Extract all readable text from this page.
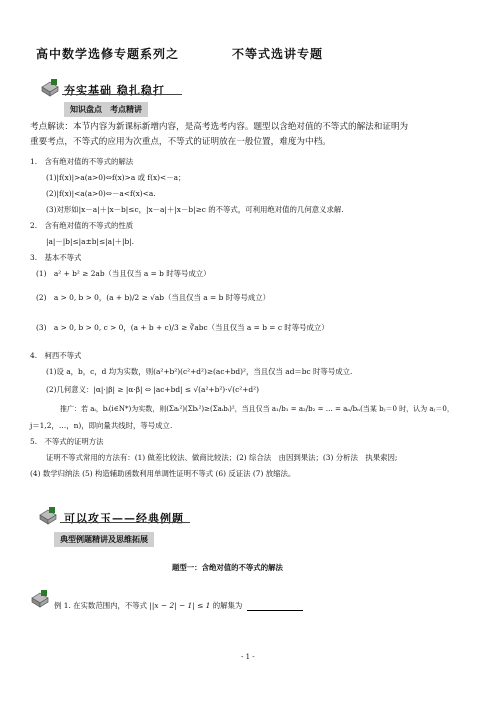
高中数学选修专题系列之	不等式选讲专题
夯实基础 稳扎稳打
知识盘点　考点精讲
考点解读：本节内容为新课标新增内容，是高考选考内容。题型以含绝对值的不等式的解法和证明为
重要考点，不等式的应用为次重点，不等式的证明放在一般位置，难度为中档。
1.　含有绝对值的不等式的解法
(1)|f(x)|>a(a>0)⇔f(x)>a 或 f(x)<－a；
(2)|f(x)|<a(a>0)⇔－a<f(x)<a.
(3)对形如|x－a|＋|x－b|≤c，|x－a|＋|x－b|≥c 的不等式，可利用绝对值的几何意义求解.
2.　含有绝对值的不等式的性质
|a|－|b|≤|a±b|≤|a|＋|b|.
3.　基本不等式
(1)　a² + b² ≥ 2ab（当且仅当 a = b 时等号成立）
(2)　a > 0, b > 0，(a + b)/2 ≥ √ab（当且仅当 a = b 时等号成立）
(3)　a > 0, b > 0, c > 0，(a + b + c)/3 ≥ ∛abc（当且仅当 a = b = c 时等号成立）
4.　柯西不等式
(1)设 a，b，c，d 均为实数，则(a²+b²)(c²+d²)≥(ac+bd)²，当且仅当 ad＝bc 时等号成立.
(2)几何意义：|α|·|β| ≥ |α·β| ⇔ |ac+bd| ≤ √(a²+b²)·√(c²+d²)
推广：若 aᵢ，bᵢ(i∈N*)为实数，则(Σaᵢ²)(Σbᵢ²)≥(Σaᵢbᵢ)²，当且仅当 a₁/b₁ = a₂/b₂ = … = aₙ/bₙ(当某 bⱼ＝0 时，认为 aⱼ＝0，
j＝1,2，…，n)，即向量共线时，等号成立.
5.　不等式的证明方法
证明不等式常用的方法有：(1) 做差比较法、做商比较法；(2) 综合法　由因到果法；(3) 分析法　执果索因;
(4) 数学归纳法 (5) 构造辅助函数利用单调性证明不等式 (6) 反证法 (7) 放缩法。
可以攻玉——经典例题
典型例题精讲及思维拓展
题型一：含绝对值的不等式的解法
例 1. 在实数范围内，不等式 ||x − 2| − 1| ≤ 1 的解集为
- 1 -
